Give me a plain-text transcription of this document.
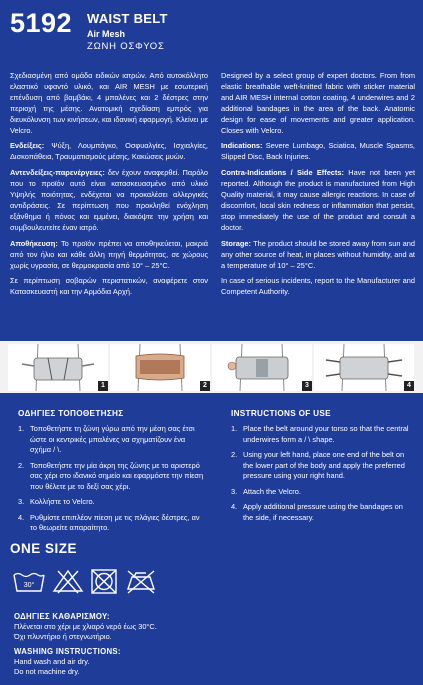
5192 WAIST BELT
Air Mesh
ΖΩΝΗ ΟΣΦΥΟΣ

Σχεδιασμένη από ομάδα ειδικών ιατρών. Από αυτοκόλλητο ελαστικό υφαντό υλικό, και AIR MESH με εσωτερική επένδυση από βαμβάκι, 4 μπαλένες και 2 δέστρες στην περιοχή της μέσης. Ανατομική σχεδίαση εμπρός για διευκόλυνση των κινήσεων, και ιδανική εφαρμογή. Κλείνει με Velcro.

Ενδείξεις: Ψύξη, Λουμπάγκο, Οσφυαλγίες, Ισχιαλγίες, Δισκοπάθεια, Τραυματισμούς μέσης, Κακώσεις μυών.

Αντενδείξεις-παρενέργειες: δεν έχουν αναφερθεί. Παρόλο που το προϊόν αυτό είναι κατασκευασμένο από υλικό Υψηλής ποιότητας, ενδέχεται να προκαλέσει αλλεργικές αντιδράσεις. Σε περίπτωση που προκληθεί ενόχληση εξάνθημα ή πόνος και εμμένει, διακόψτε την χρήση και συμβουλευτείτε έναν ιατρό.

Αποθήκευση: Το προϊόν πρέπει να αποθηκεύεται, μακριά από τον ήλιο και κάθε άλλη πηγή θερμότητας, σε χώρους χωρίς υγρασία, σε θερμοκρασία από 10° – 25°C.

Σε περίπτωση σοβαρών περιστατικών, αναφέρετε στον Κατασκευαστή και την Αρμόδια Αρχή.

Designed by a select group of expert doctors. From from elastic breathable weft-knitted fabric with sticker material and AIR MESH internal cotton coating, 4 underwires and 2 additional bandages in the area of the back. Anatomic design for ease of movements and greater application. Closes with Velcro.

Indications: Severe Lumbago, Sciatica, Muscle Spasms, Slipped Disc, Back Injuries.

Contra-Indications / Side Effects: Have not been yet reported. Although the product is manufactured from High Quality material, it may cause allergic reactions. In case of discomfort, local skin redness or inflammation that persist, stop immediately the use of the product and consult a doctor.

Storage: The product should be stored away from sun and any other source of heat, in places without humidity, and at a temperature of 10° – 25°C.

In case of serious incidents, report to the Manufacturer and Competent Authority.

1	2	3	4
ΟΔΗΓΙΕΣ ΤΟΠΟΘΕΤΗΣΗΣ
1. Τοποθετήστε τη ζώνη γύρω από την μέση σας έτσι ώστε οι κεντρικές μπαλένες να σχηματίζουν ένα σχήμα / \.
2. Τοποθετήστε την μία άκρη της ζώνης με το αριστερό σας χέρι στο ιδανικό σημείο και εφαρμόστε την πίεση που θέλετε με το δεξί σας χέρι.
3. Κολλήστε το Velcro.
4. Ρυθμίστε επιπλέον πίεση με τις πλάγιες δέστρες, αν το θεωρείτε απαραίτητο.
INSTRUCTIONS OF USE
1. Place the belt around your torso so that the central underwires form a / \ shape.
2. Using your left hand, place one end of the belt on the lower part of the body and apply the preferred pressure using your right hand.
3. Attach the Velcro.
4. Apply additional pressure using the bandages on the side, if necessary.
ONE SIZE
30°
ΟΔΗΓΙΕΣ ΚΑΘΑΡΙΣΜΟΥ:
Πλένεται στο χέρι με χλιαρό νερό έως 30°C.
Όχι πλυντήριο ή στεγνωτήριο.
WASHING INSTRUCTIONS:
Hand wash and air dry.
Do not machine dry.
